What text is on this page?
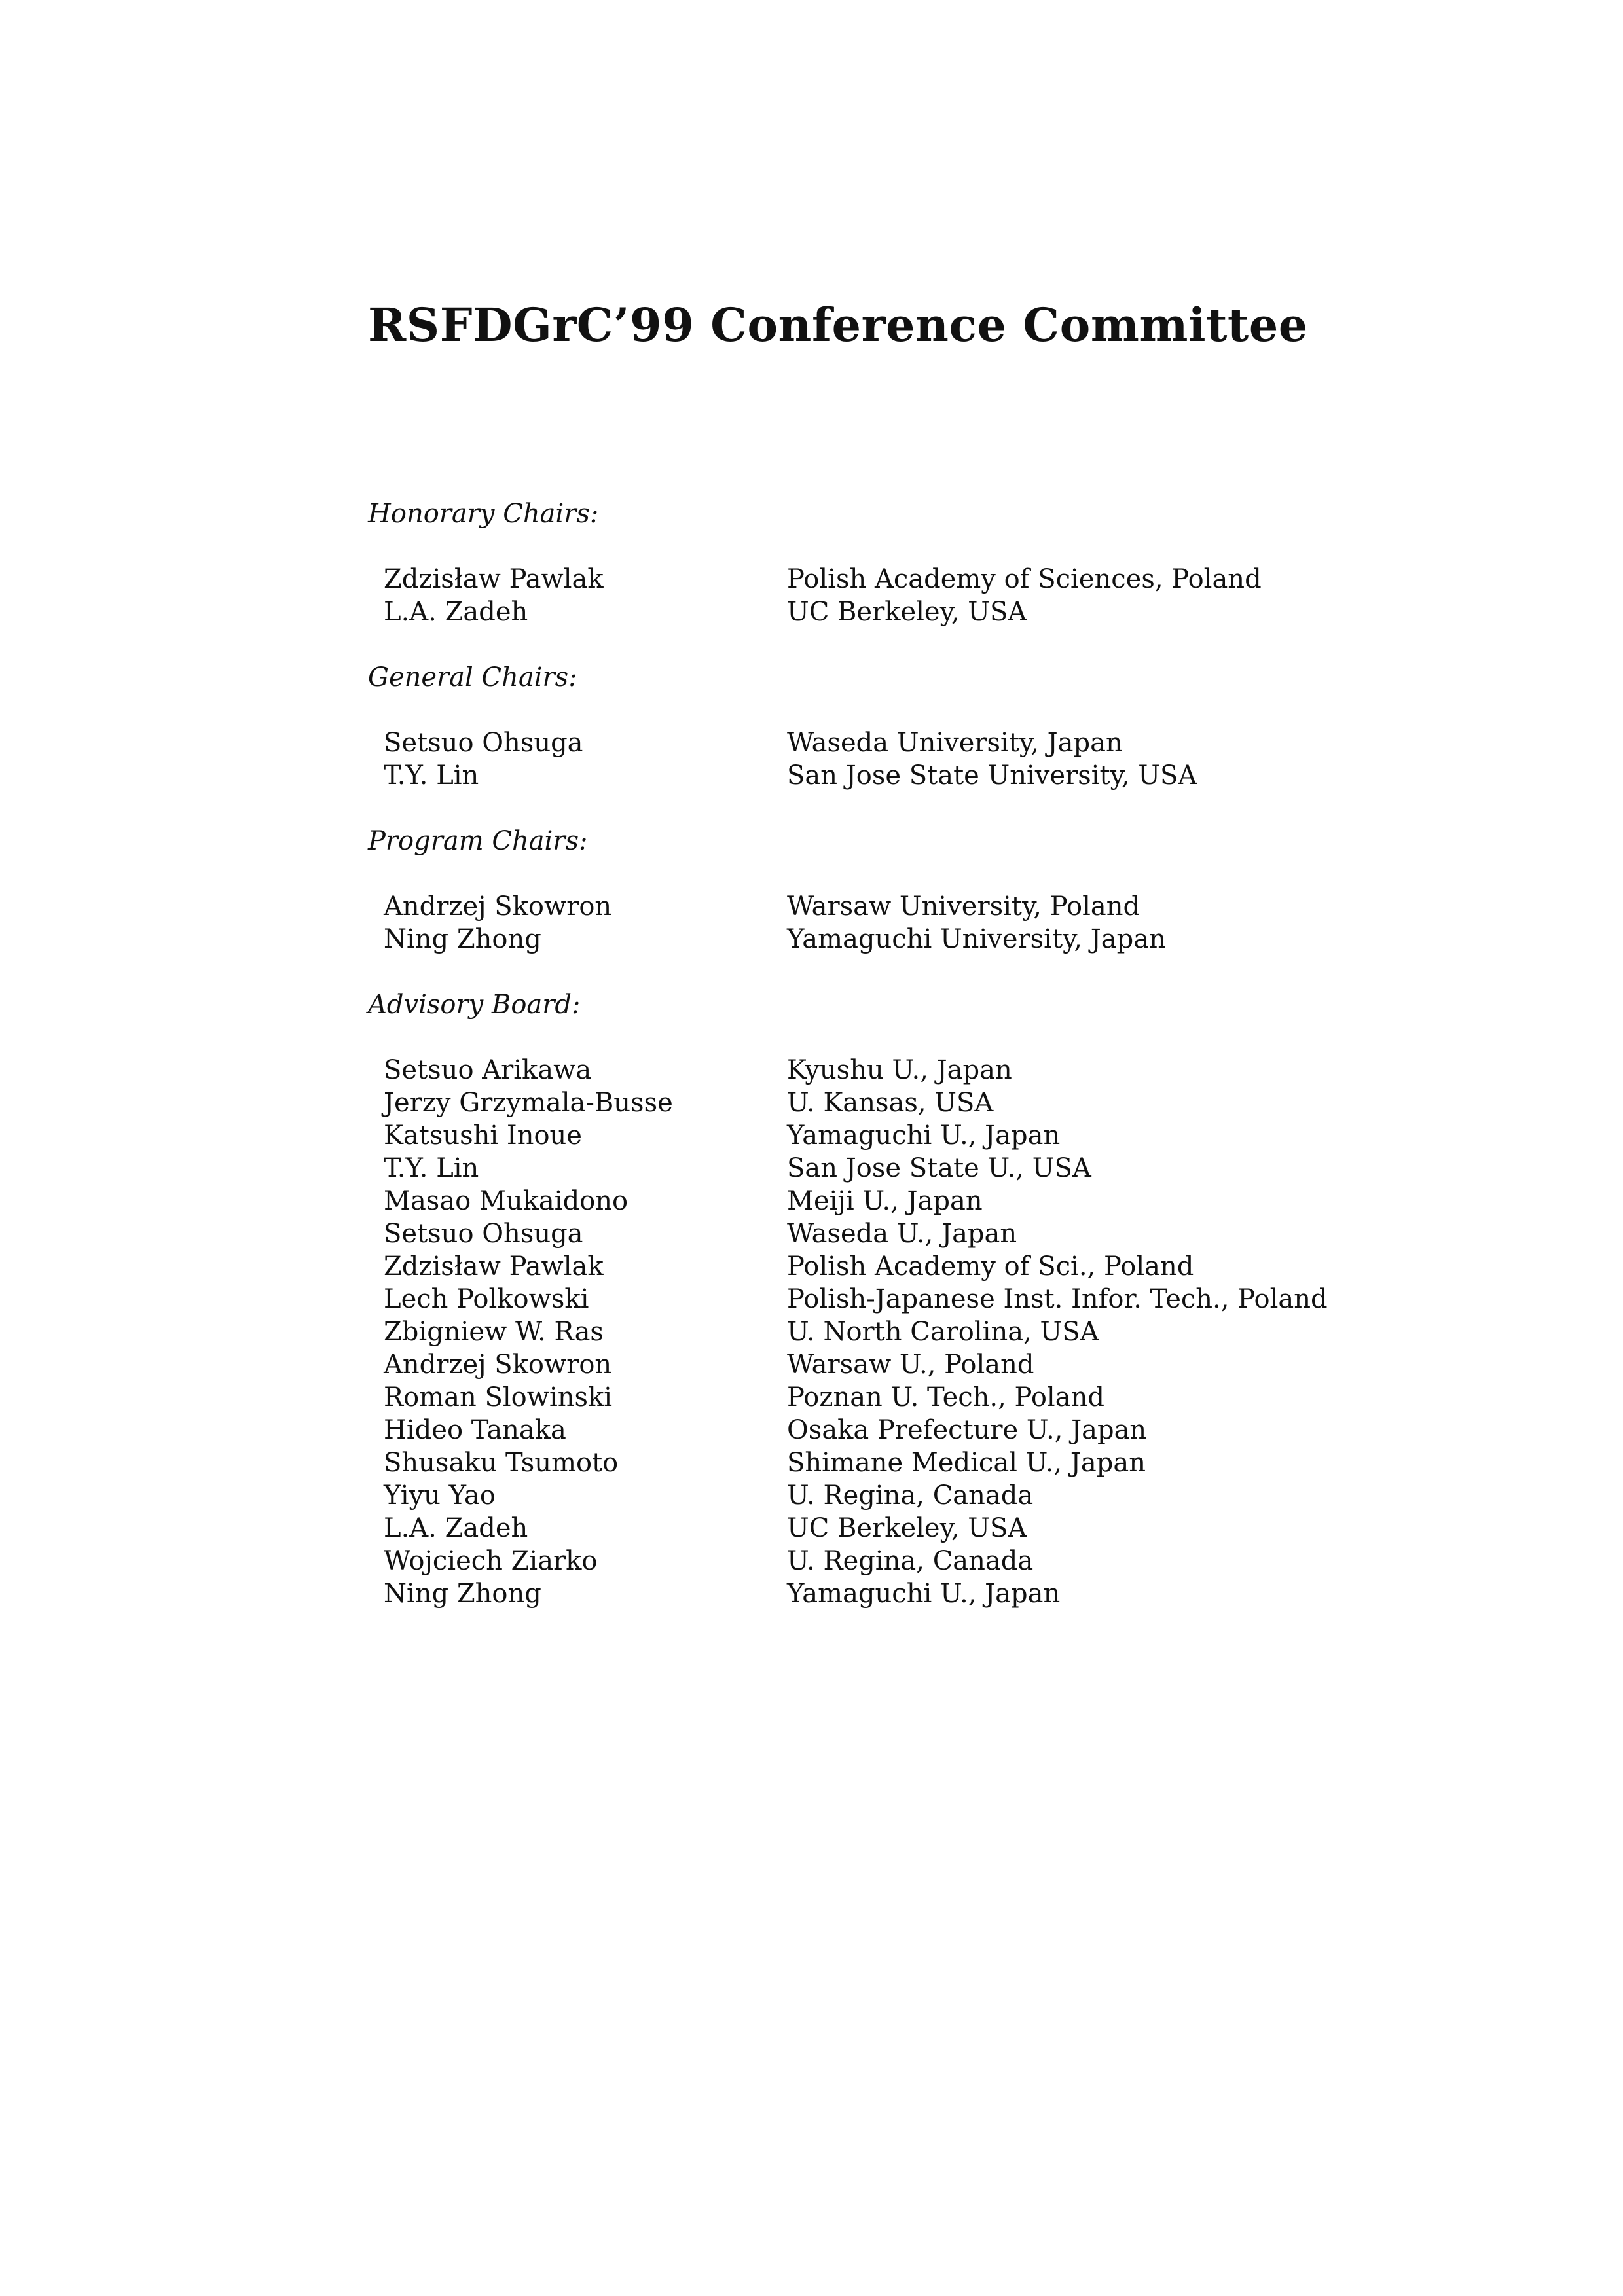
RSFDGrC’99 Conference Committee
Honorary Chairs:
Zdzisław Pawlak	Polish Academy of Sciences, Poland
L.A. Zadeh	UC Berkeley, USA
General Chairs:
Setsuo Ohsuga	Waseda University, Japan
T.Y. Lin	San Jose State University, USA
Program Chairs:
Andrzej Skowron	Warsaw University, Poland
Ning Zhong	Yamaguchi University, Japan
Advisory Board:
Setsuo Arikawa	Kyushu U., Japan
Jerzy Grzymala-Busse	U. Kansas, USA
Katsushi Inoue	Yamaguchi U., Japan
T.Y. Lin	San Jose State U., USA
Masao Mukaidono	Meiji U., Japan
Setsuo Ohsuga	Waseda U., Japan
Zdzisław Pawlak	Polish Academy of Sci., Poland
Lech Polkowski	Polish-Japanese Inst. Infor. Tech., Poland
Zbigniew W. Ras	U. North Carolina, USA
Andrzej Skowron	Warsaw U., Poland
Roman Slowinski	Poznan U. Tech., Poland
Hideo Tanaka	Osaka Prefecture U., Japan
Shusaku Tsumoto	Shimane Medical U., Japan
Yiyu Yao	U. Regina, Canada
L.A. Zadeh	UC Berkeley, USA
Wojciech Ziarko	U. Regina, Canada
Ning Zhong	Yamaguchi U., Japan
